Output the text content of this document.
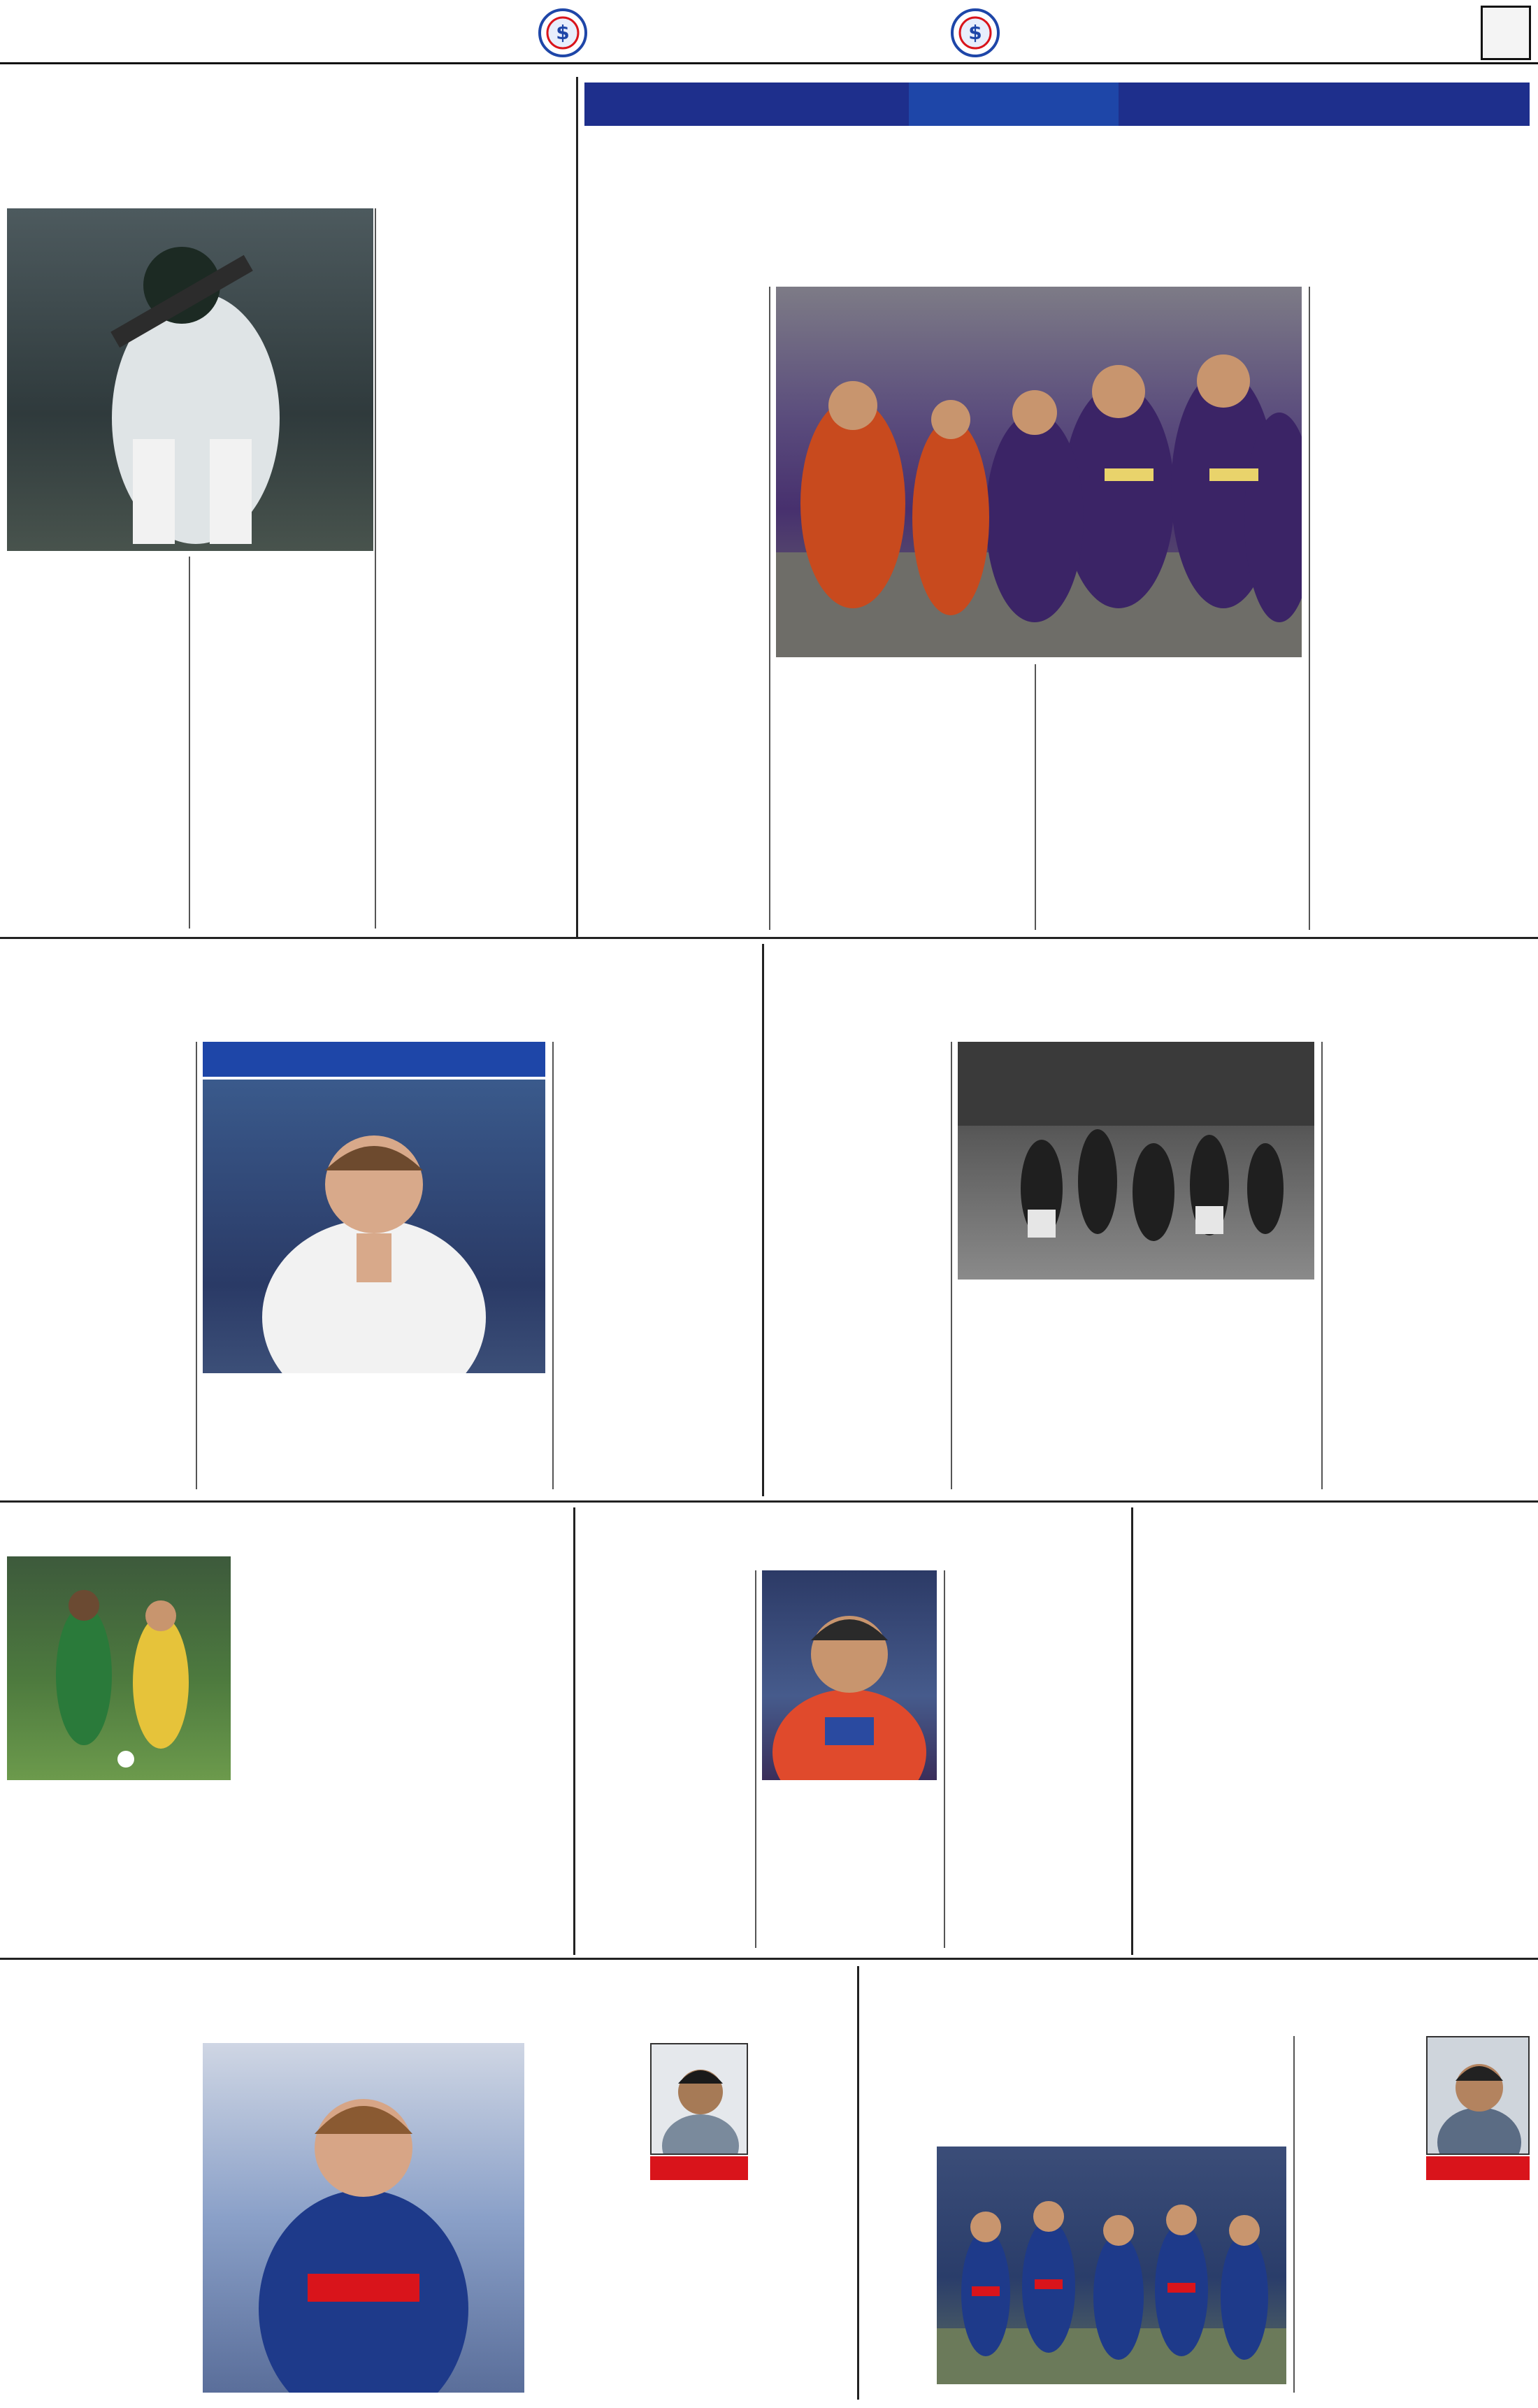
$	$
